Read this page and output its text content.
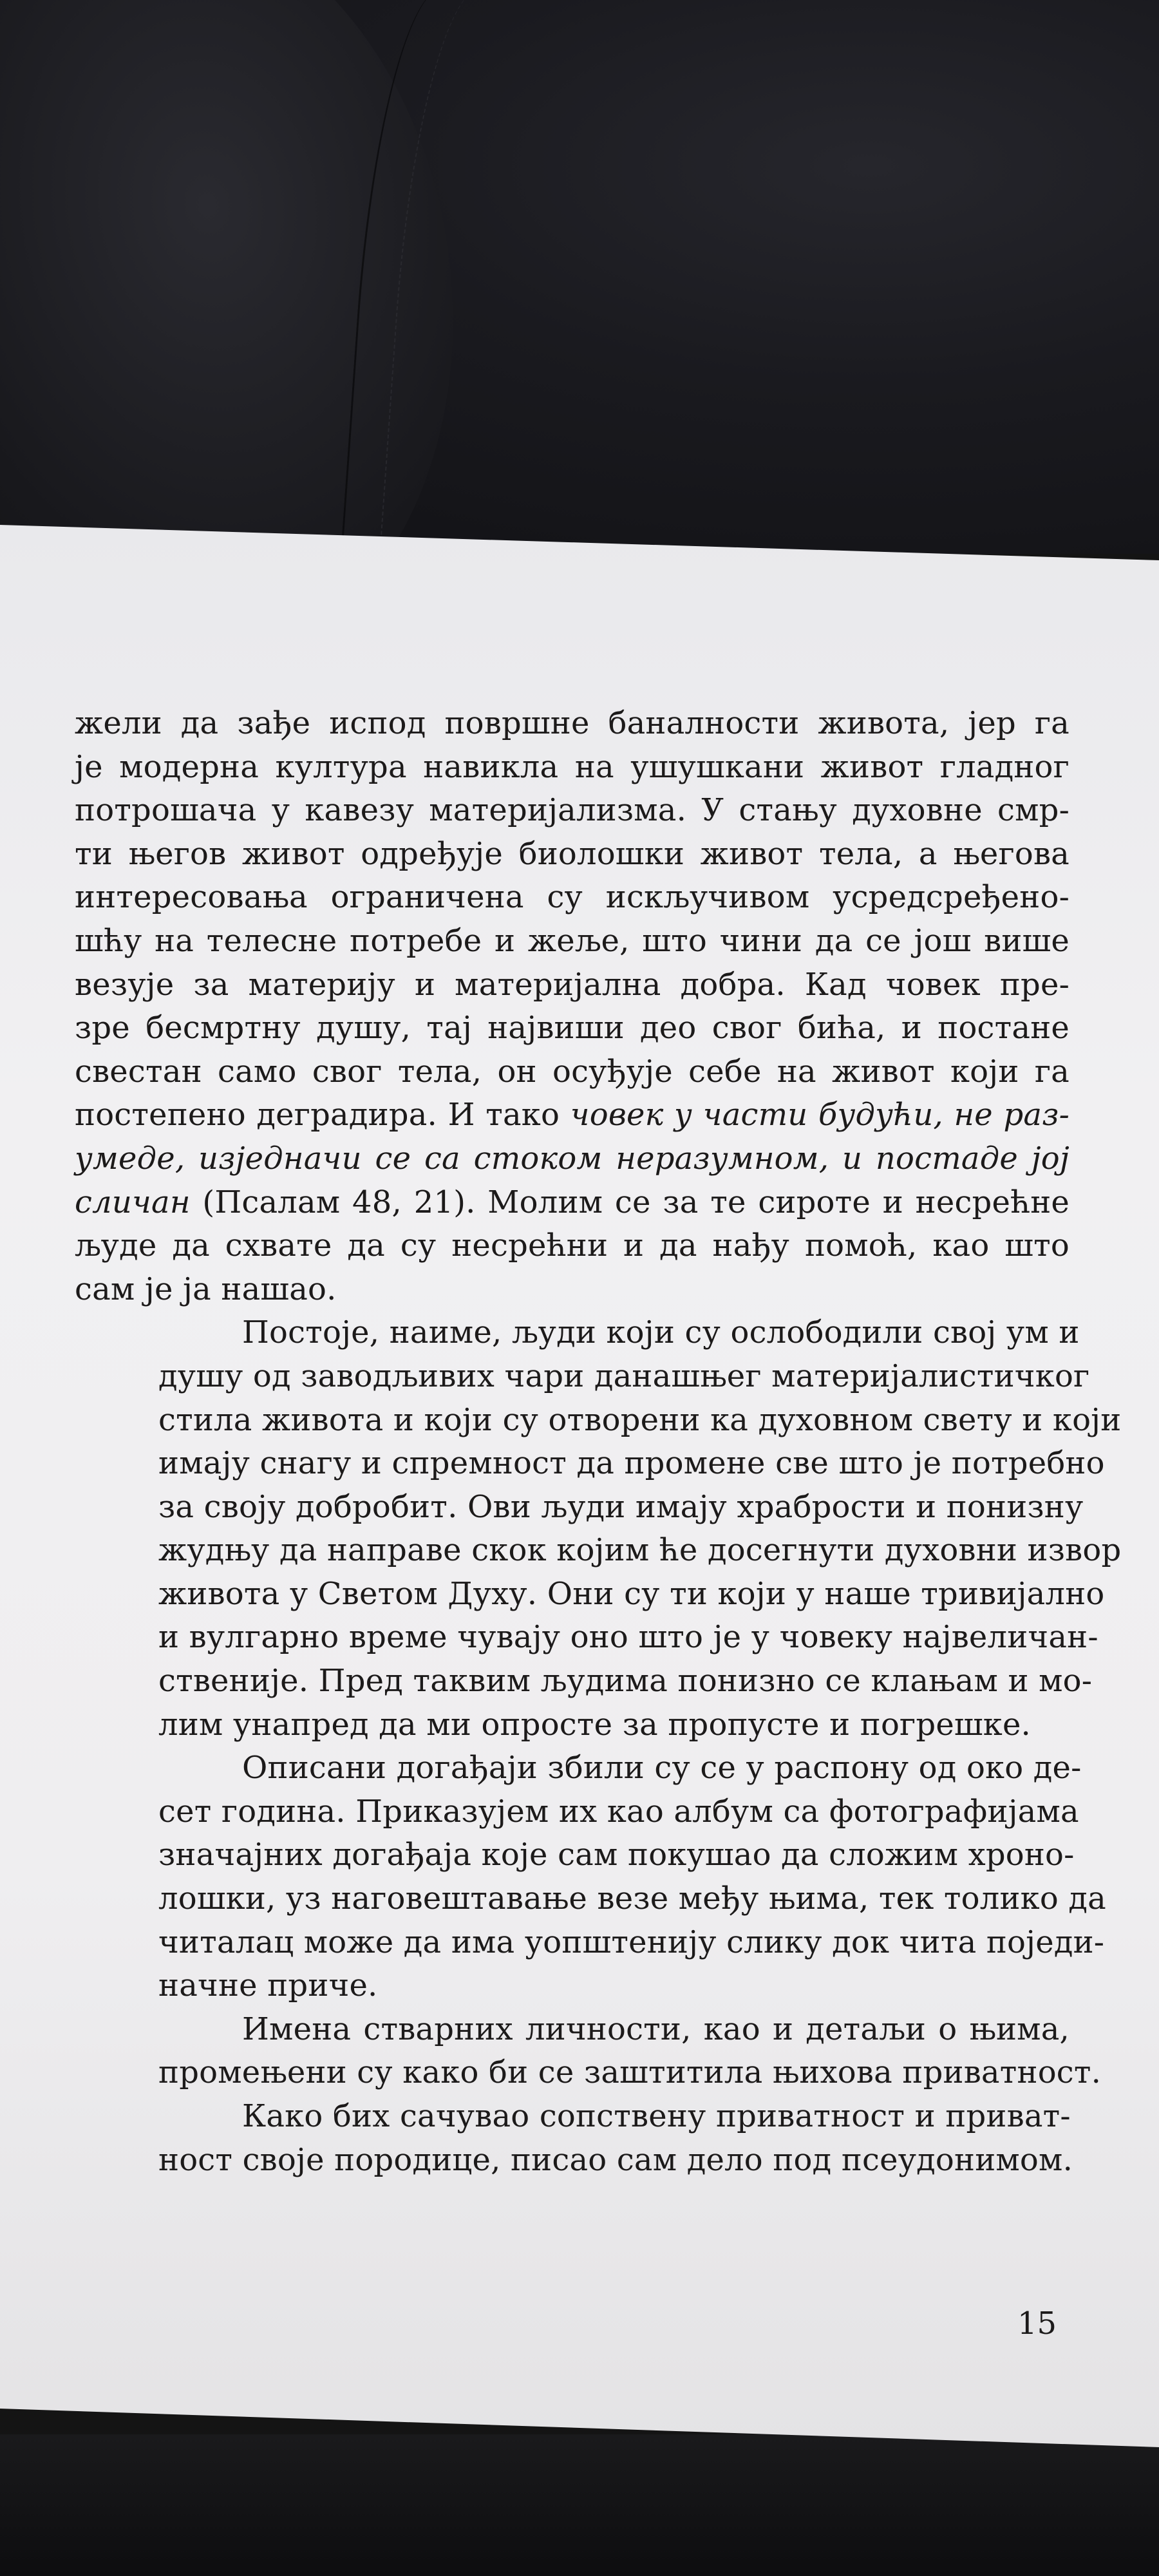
жели да зађе испод површне баналности живота, јер га
је модерна култура навикла на ушушкани живот гладног
потрошача у кавезу материјализма. У стању духовне смр-
ти његов живот одређује биолошки живот тела, а његова
интересовања ограничена су искључивом усредсређено-
шћу на телесне потребе и жеље, што чини да се још више
везује за материју и материјална добра. Кад човек пре-
зре бесмртну душу, тај највиши део свог бића, и постане
свестан само свог тела, он осуђује себе на живот који га
постепено деградира. И тако човек у части будући, не раз-
умеде, изједначи се са стоком неразумном, и постаде јој
сличан (Псалам 48, 21). Молим се за те сироте и несрећне
људе да схвате да су несрећни и да нађу помоћ, као што
сам је ја нашао.
Постоје, наиме, људи који су ослободили свој ум и
душу од заводљивих чари данашњег материјалистичког
стила живота и који су отворени ка духовном свету и који
имају снагу и спремност да промене све што је потребно
за своју добробит. Ови људи имају храбрости и понизну
жудњу да направе скок којим ће досегнути духовни извор
живота у Светом Духу. Они су ти који у наше тривијално
и вулгарно време чувају оно што је у човеку највеличан-
ственије. Пред таквим људима понизно се клањам и мо-
лим унапред да ми опросте за пропусте и погрешке.
Описани догађаји збили су се у распону од око де-
сет година. Приказујем их као албум са фотографијама
значајних догађаја које сам покушао да сложим хроно-
лошки, уз наговештавање везе међу њима, тек толико да
читалац може да има уопштенију слику док чита поједи-
начне приче.
Имена стварних личности, као и детаљи о њима,
промењени су како би се заштитила њихова приватност.
Како бих сачувао сопствену приватност и приват-
ност своје породице, писао сам дело под псеудонимом.
15
